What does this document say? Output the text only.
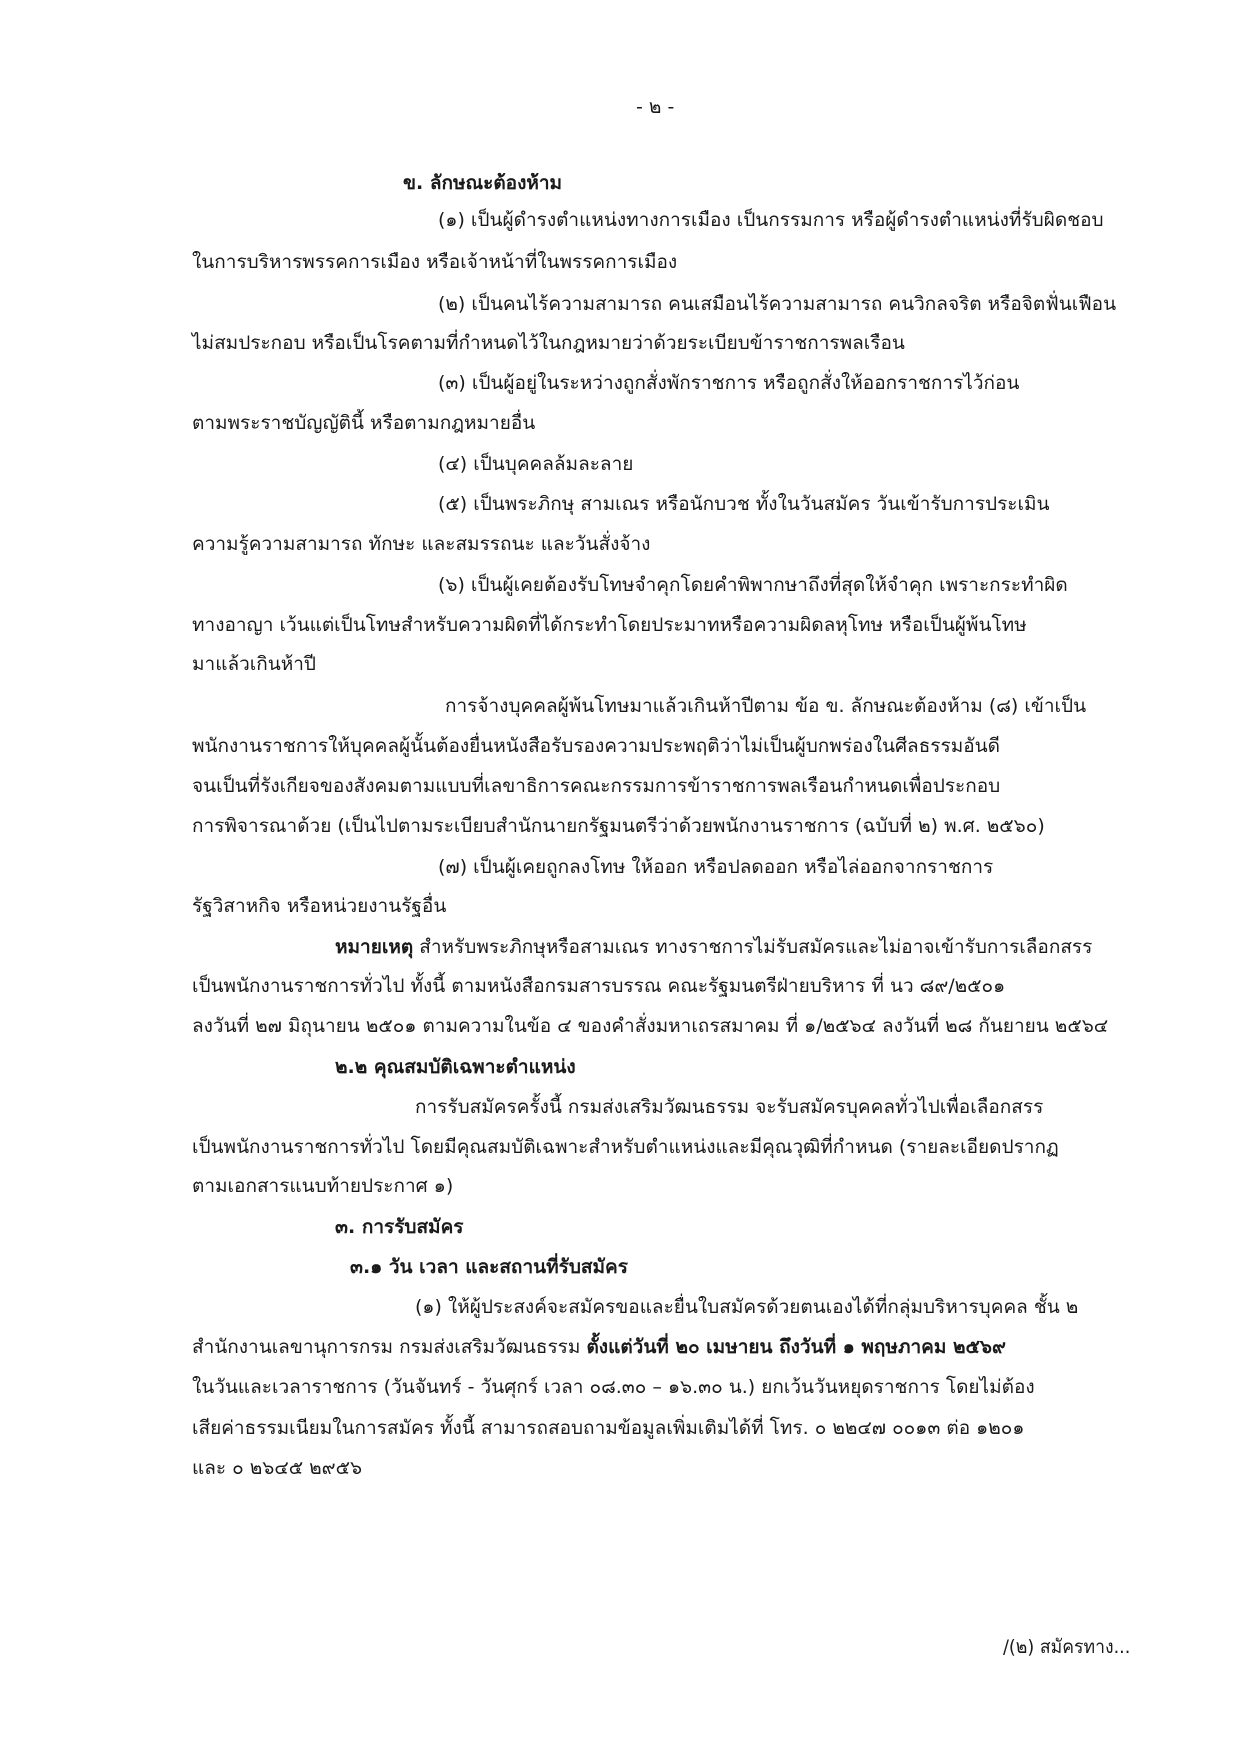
- ๒ -
ข. ลักษณะต้องห้าม
(๑) เป็นผู้ดำรงตำแหน่งทางการเมือง เป็นกรรมการ หรือผู้ดำรงตำแหน่งที่รับผิดชอบ
ในการบริหารพรรคการเมือง หรือเจ้าหน้าที่ในพรรคการเมือง
(๒) เป็นคนไร้ความสามารถ คนเสมือนไร้ความสามารถ คนวิกลจริต หรือจิตฟั่นเฟือน
ไม่สมประกอบ หรือเป็นโรคตามที่กำหนดไว้ในกฎหมายว่าด้วยระเบียบข้าราชการพลเรือน
(๓) เป็นผู้อยู่ในระหว่างถูกสั่งพักราชการ หรือถูกสั่งให้ออกราชการไว้ก่อน
ตามพระราชบัญญัตินี้ หรือตามกฎหมายอื่น
(๔) เป็นบุคคลล้มละลาย
(๕) เป็นพระภิกษุ สามเณร หรือนักบวช ทั้งในวันสมัคร วันเข้ารับการประเมิน
ความรู้ความสามารถ ทักษะ และสมรรถนะ และวันสั่งจ้าง
(๖) เป็นผู้เคยต้องรับโทษจำคุกโดยคำพิพากษาถึงที่สุดให้จำคุก เพราะกระทำผิด
ทางอาญา เว้นแต่เป็นโทษสำหรับความผิดที่ได้กระทำโดยประมาทหรือความผิดลหุโทษ หรือเป็นผู้พ้นโทษ
มาแล้วเกินห้าปี
การจ้างบุคคลผู้พ้นโทษมาแล้วเกินห้าปีตาม ข้อ ข. ลักษณะต้องห้าม (๘) เข้าเป็น
พนักงานราชการให้บุคคลผู้นั้นต้องยื่นหนังสือรับรองความประพฤติว่าไม่เป็นผู้บกพร่องในศีลธรรมอันดี
จนเป็นที่รังเกียจของสังคมตามแบบที่เลขาธิการคณะกรรมการข้าราชการพลเรือนกำหนดเพื่อประกอบ
การพิจารณาด้วย (เป็นไปตามระเบียบสำนักนายกรัฐมนตรีว่าด้วยพนักงานราชการ (ฉบับที่ ๒) พ.ศ. ๒๕๖๐)
(๗) เป็นผู้เคยถูกลงโทษ ให้ออก หรือปลดออก หรือไล่ออกจากราชการ
รัฐวิสาหกิจ หรือหน่วยงานรัฐอื่น
หมายเหตุ สำหรับพระภิกษุหรือสามเณร ทางราชการไม่รับสมัครและไม่อาจเข้ารับการเลือกสรร
เป็นพนักงานราชการทั่วไป ทั้งนี้ ตามหนังสือกรมสารบรรณ คณะรัฐมนตรีฝ่ายบริหาร ที่ นว ๘๙/๒๕๐๑
ลงวันที่ ๒๗ มิถุนายน ๒๕๐๑ ตามความในข้อ ๔ ของคำสั่งมหาเถรสมาคม ที่ ๑/๒๕๖๔ ลงวันที่ ๒๘ กันยายน ๒๕๖๔
๒.๒ คุณสมบัติเฉพาะตำแหน่ง
การรับสมัครครั้งนี้ กรมส่งเสริมวัฒนธรรม จะรับสมัครบุคคลทั่วไปเพื่อเลือกสรร
เป็นพนักงานราชการทั่วไป โดยมีคุณสมบัติเฉพาะสำหรับตำแหน่งและมีคุณวุฒิที่กำหนด (รายละเอียดปรากฏ
ตามเอกสารแนบท้ายประกาศ ๑)
๓. การรับสมัคร
๓.๑ วัน เวลา และสถานที่รับสมัคร
(๑) ให้ผู้ประสงค์จะสมัครขอและยื่นใบสมัครด้วยตนเองได้ที่กลุ่มบริหารบุคคล ชั้น ๒
สำนักงานเลขานุการกรม กรมส่งเสริมวัฒนธรรม ตั้งแต่วันที่ ๒๐ เมษายน ถึงวันที่ ๑ พฤษภาคม ๒๕๖๙
ในวันและเวลาราชการ (วันจันทร์ - วันศุกร์ เวลา ๐๘.๓๐ – ๑๖.๓๐ น.) ยกเว้นวันหยุดราชการ โดยไม่ต้อง
เสียค่าธรรมเนียมในการสมัคร ทั้งนี้ สามารถสอบถามข้อมูลเพิ่มเติมได้ที่ โทร. ๐ ๒๒๔๗ ๐๐๑๓ ต่อ ๑๒๐๑
และ ๐ ๒๖๔๕ ๒๙๕๖
/(๒) สมัครทาง...
